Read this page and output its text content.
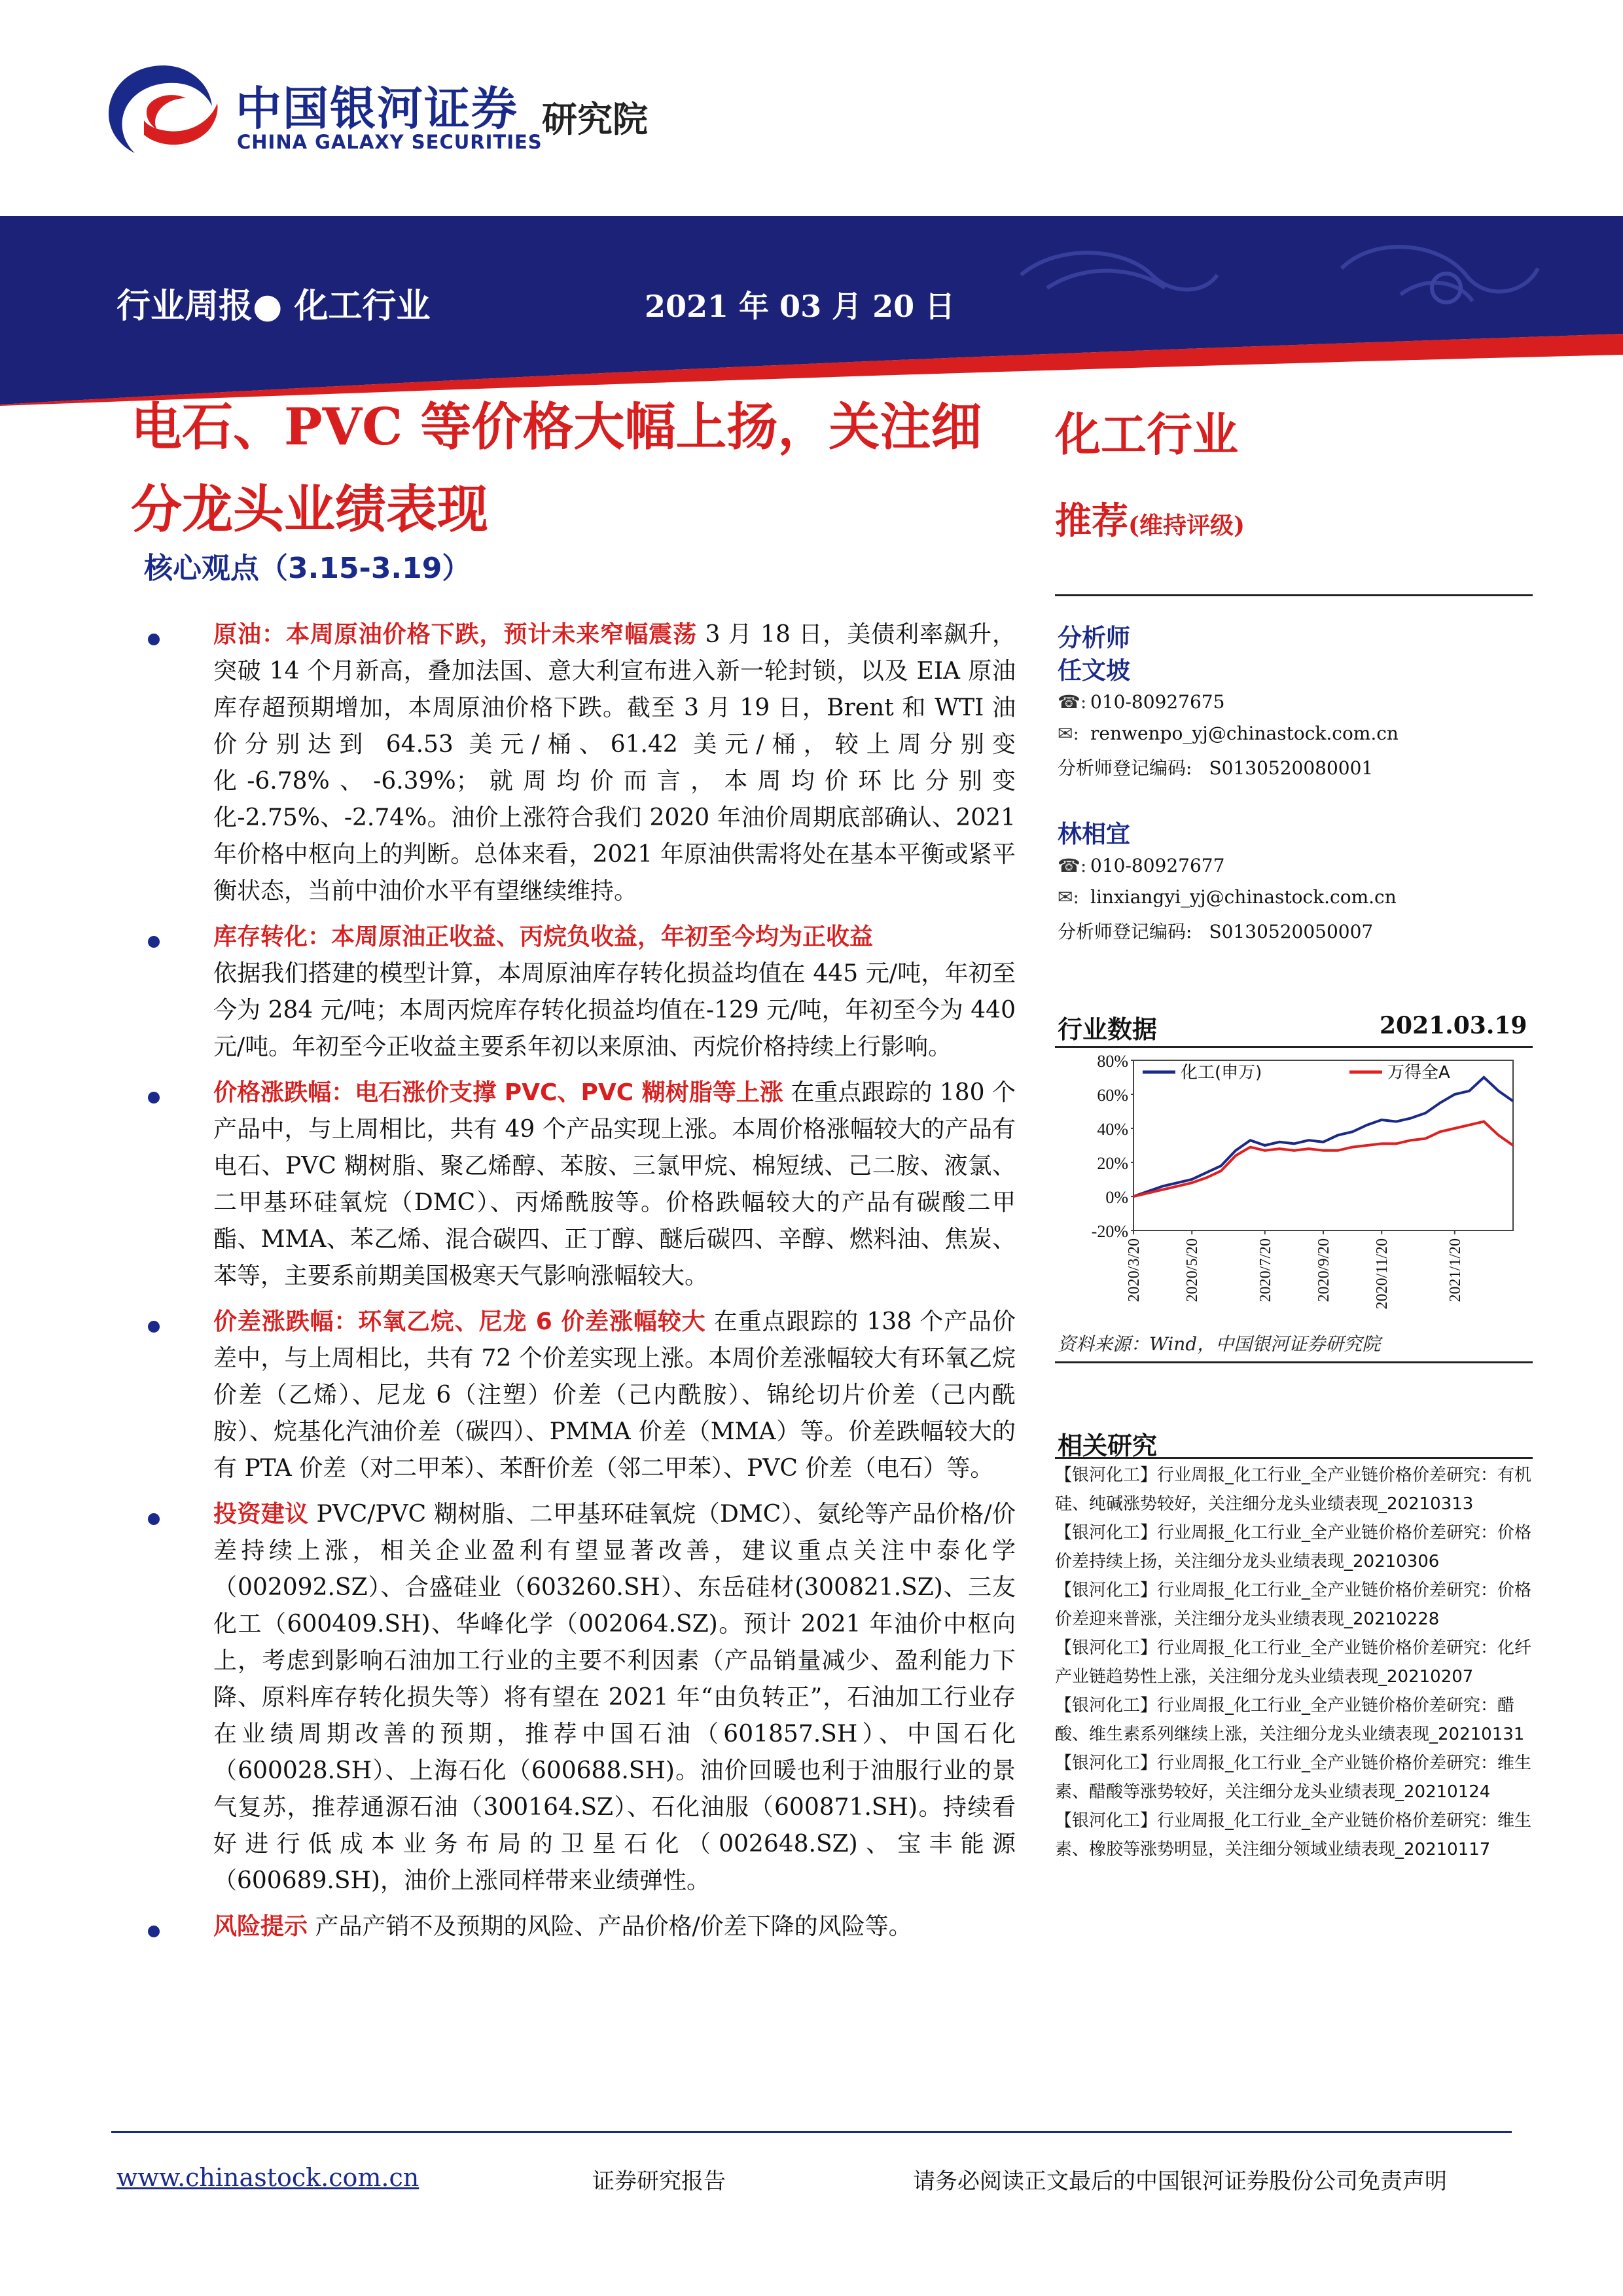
中国银河证券
CHINA GALAXY SECURITIES
研究院
行业周报● 化工行业	2021 年 03 月 20 日
电石、PVC 等价格大幅上扬，关注细分龙头业绩表现
核心观点（3.15-3.19）
原油：本周原油价格下跌，预计未来窄幅震荡 3 月 18 日，美债利率飙升，突破 14 个月新高，叠加法国、意大利宣布进入新一轮封锁，以及 EIA 原油库存超预期增加，本周原油价格下跌。截至 3 月 19 日，Brent 和 WTI 油价分别达到 64.53 美元/桶、61.42 美元/桶，较上周分别变化-6.78%、-6.39%；就周均价而言，本周均价环比分别变化-2.75%、-2.74%。油价上涨符合我们 2020 年油价周期底部确认、2021 年价格中枢向上的判断。总体来看，2021 年原油供需将处在基本平衡或紧平衡状态，当前中油价水平有望继续维持。
库存转化：本周原油正收益、丙烷负收益，年初至今均为正收益
依据我们搭建的模型计算，本周原油库存转化损益均值在 445 元/吨，年初至今为 284 元/吨；本周丙烷库存转化损益均值在-129 元/吨，年初至今为 440 元/吨。年初至今正收益主要系年初以来原油、丙烷价格持续上行影响。
价格涨跌幅：电石涨价支撑 PVC、PVC 糊树脂等上涨 在重点跟踪的 180 个产品中，与上周相比，共有 49 个产品实现上涨。本周价格涨幅较大的产品有电石、PVC 糊树脂、聚乙烯醇、苯胺、三氯甲烷、棉短绒、己二胺、液氯、二甲基环硅氧烷（DMC）、丙烯酰胺等。价格跌幅较大的产品有碳酸二甲酯、MMA、苯乙烯、混合碳四、正丁醇、醚后碳四、辛醇、燃料油、焦炭、苯等，主要系前期美国极寒天气影响涨幅较大。
价差涨跌幅：环氧乙烷、尼龙 6 价差涨幅较大 在重点跟踪的 138 个产品价差中，与上周相比，共有 72 个价差实现上涨。本周价差涨幅较大有环氧乙烷价差（乙烯）、尼龙 6（注塑）价差（己内酰胺）、锦纶切片价差（己内酰胺）、烷基化汽油价差（碳四）、PMMA 价差（MMA）等。价差跌幅较大的有 PTA 价差（对二甲苯）、苯酐价差（邻二甲苯）、PVC 价差（电石）等。
投资建议 PVC/PVC 糊树脂、二甲基环硅氧烷（DMC）、氨纶等产品价格/价差持续上涨，相关企业盈利有望显著改善，建议重点关注中泰化学（002092.SZ）、合盛硅业（603260.SH）、东岳硅材(300821.SZ)、三友化工（600409.SH)、华峰化学（002064.SZ)。预计 2021 年油价中枢向上，考虑到影响石油加工行业的主要不利因素（产品销量减少、盈利能力下降、原料库存转化损失等）将有望在 2021 年“由负转正”，石油加工行业存在业绩周期改善的预期，推荐中国石油（601857.SH）、中国石化（600028.SH）、上海石化（600688.SH)。油价回暖也利于油服行业的景气复苏，推荐通源石油（300164.SZ）、石化油服（600871.SH)。持续看好进行低成本业务布局的卫星石化（002648.SZ)、宝丰能源（600689.SH)，油价上涨同样带来业绩弹性。
风险提示 产品产销不及预期的风险、产品价格/价差下降的风险等。
化工行业
推荐(维持评级)
分析师
任文坡
☎: 010-80927675
✉: renwenpo_yj@chinastock.com.cn
分析师登记编码: S0130520080001
林相宜
☎: 010-80927677
✉: linxiangyi_yj@chinastock.com.cn
分析师登记编码: S0130520050007
行业数据	2021.03.19
80%
60%
40%
20%
0%
-20%
2020/3/20	2020/5/20	2020/7/20	2020/9/20	2020/11/20	2021/1/20
化工(申万)	万得全A
资料来源：Wind，中国银河证券研究院
相关研究
【银河化工】行业周报_化工行业_全产业链价格价差研究：有机硅、纯碱涨势较好，关注细分龙头业绩表现_20210313
【银河化工】行业周报_化工行业_全产业链价格价差研究：价格价差持续上扬，关注细分龙头业绩表现_20210306
【银河化工】行业周报_化工行业_全产业链价格价差研究：价格价差迎来普涨，关注细分龙头业绩表现_20210228
【银河化工】行业周报_化工行业_全产业链价格价差研究：化纤产业链趋势性上涨，关注细分龙头业绩表现_20210207
【银河化工】行业周报_化工行业_全产业链价格价差研究：醋酸、维生素系列继续上涨，关注细分龙头业绩表现_20210131
【银河化工】行业周报_化工行业_全产业链价格价差研究：维生素、醋酸等涨势较好，关注细分龙头业绩表现_20210124
【银河化工】行业周报_化工行业_全产业链价格价差研究：维生素、橡胶等涨势明显，关注细分领域业绩表现_20210117
www.chinastock.com.cn	证券研究报告	请务必阅读正文最后的中国银河证券股份公司免责声明
